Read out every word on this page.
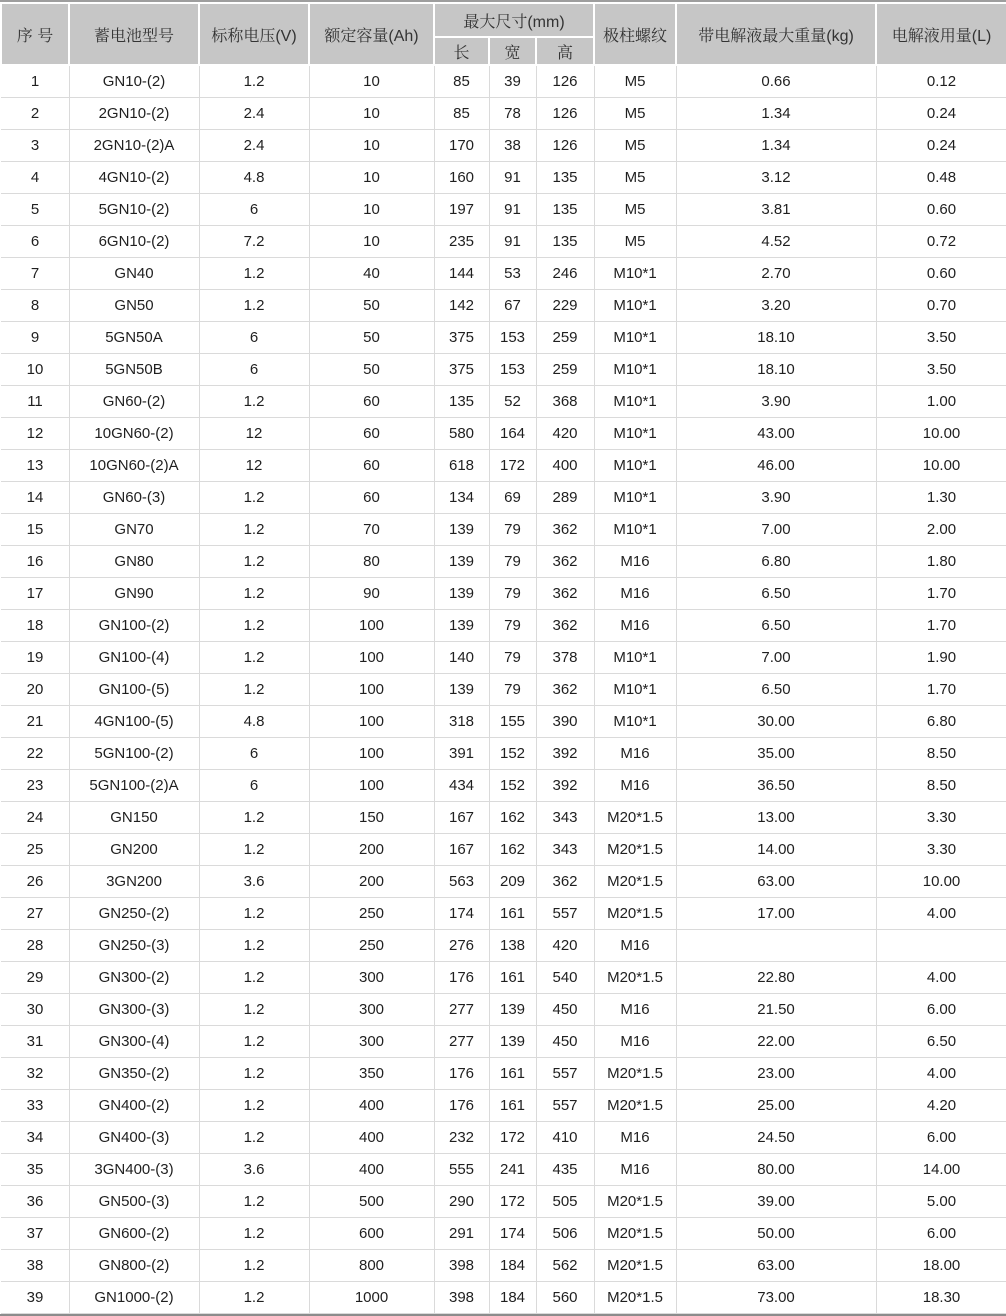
序 号	蓄电池型号	标称电压(V)	额定容量(Ah)	最大尺寸(mm)			极柱螺纹	带电解液最大重量(kg)	电解液用量(L)
				长	宽	高			
1	GN10-(2)	1.2	10	85	39	126	M5	0.66	0.12
2	2GN10-(2)	2.4	10	85	78	126	M5	1.34	0.24
3	2GN10-(2)A	2.4	10	170	38	126	M5	1.34	0.24
4	4GN10-(2)	4.8	10	160	91	135	M5	3.12	0.48
5	5GN10-(2)	6	10	197	91	135	M5	3.81	0.60
6	6GN10-(2)	7.2	10	235	91	135	M5	4.52	0.72
7	GN40	1.2	40	144	53	246	M10*1	2.70	0.60
8	GN50	1.2	50	142	67	229	M10*1	3.20	0.70
9	5GN50A	6	50	375	153	259	M10*1	18.10	3.50
10	5GN50B	6	50	375	153	259	M10*1	18.10	3.50
11	GN60-(2)	1.2	60	135	52	368	M10*1	3.90	1.00
12	10GN60-(2)	12	60	580	164	420	M10*1	43.00	10.00
13	10GN60-(2)A	12	60	618	172	400	M10*1	46.00	10.00
14	GN60-(3)	1.2	60	134	69	289	M10*1	3.90	1.30
15	GN70	1.2	70	139	79	362	M10*1	7.00	2.00
16	GN80	1.2	80	139	79	362	M16	6.80	1.80
17	GN90	1.2	90	139	79	362	M16	6.50	1.70
18	GN100-(2)	1.2	100	139	79	362	M16	6.50	1.70
19	GN100-(4)	1.2	100	140	79	378	M10*1	7.00	1.90
20	GN100-(5)	1.2	100	139	79	362	M10*1	6.50	1.70
21	4GN100-(5)	4.8	100	318	155	390	M10*1	30.00	6.80
22	5GN100-(2)	6	100	391	152	392	M16	35.00	8.50
23	5GN100-(2)A	6	100	434	152	392	M16	36.50	8.50
24	GN150	1.2	150	167	162	343	M20*1.5	13.00	3.30
25	GN200	1.2	200	167	162	343	M20*1.5	14.00	3.30
26	3GN200	3.6	200	563	209	362	M20*1.5	63.00	10.00
27	GN250-(2)	1.2	250	174	161	557	M20*1.5	17.00	4.00
28	GN250-(3)	1.2	250	276	138	420	M16		
29	GN300-(2)	1.2	300	176	161	540	M20*1.5	22.80	4.00
30	GN300-(3)	1.2	300	277	139	450	M16	21.50	6.00
31	GN300-(4)	1.2	300	277	139	450	M16	22.00	6.50
32	GN350-(2)	1.2	350	176	161	557	M20*1.5	23.00	4.00
33	GN400-(2)	1.2	400	176	161	557	M20*1.5	25.00	4.20
34	GN400-(3)	1.2	400	232	172	410	M16	24.50	6.00
35	3GN400-(3)	3.6	400	555	241	435	M16	80.00	14.00
36	GN500-(3)	1.2	500	290	172	505	M20*1.5	39.00	5.00
37	GN600-(2)	1.2	600	291	174	506	M20*1.5	50.00	6.00
38	GN800-(2)	1.2	800	398	184	562	M20*1.5	63.00	18.00
39	GN1000-(2)	1.2	1000	398	184	560	M20*1.5	73.00	18.30
